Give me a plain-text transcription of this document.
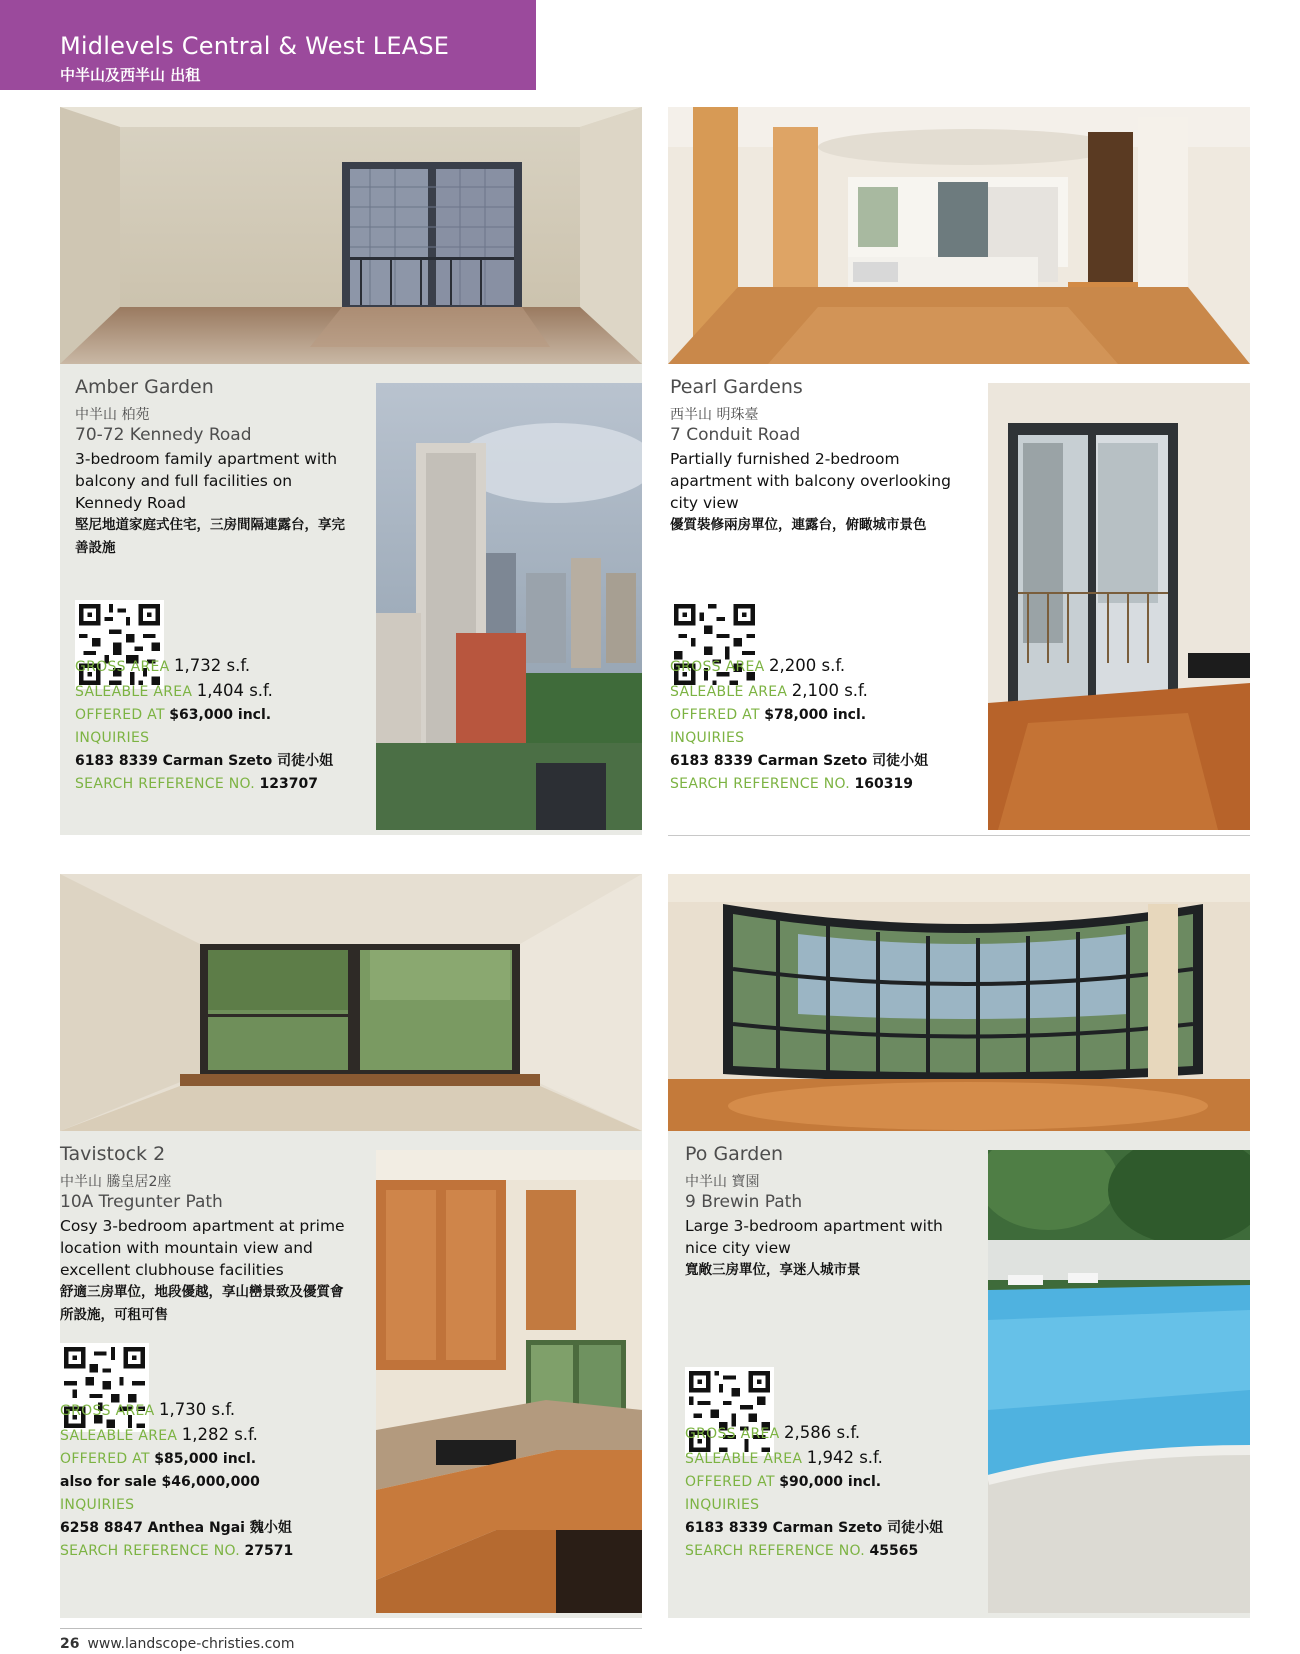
Midlevels Central & West LEASE
中半山及西半山 出租
Amber Garden
中半山 柏苑
70-72 Kennedy Road
3-bedroom family apartment with balcony and full facilities on Kennedy Road
堅尼地道家庭式住宅，三房間隔連露台，享完善設施
GROSS AREA 1,732 s.f.
SALEABLE AREA 1,404 s.f.
OFFERED AT $63,000 incl.
INQUIRIES
6183 8339 Carman Szeto 司徒小姐
SEARCH REFERENCE NO. 123707
Pearl Gardens
西半山 明珠臺
7 Conduit Road
Partially furnished 2-bedroom apartment with balcony overlooking city view
優質裝修兩房單位，連露台，俯瞰城市景色
GROSS AREA 2,200 s.f.
SALEABLE AREA 2,100 s.f.
OFFERED AT $78,000 incl.
INQUIRIES
6183 8339 Carman Szeto 司徒小姐
SEARCH REFERENCE NO. 160319
Tavistock 2
中半山 騰皇居2座
10A Tregunter Path
Cosy 3-bedroom apartment at prime location with mountain view and excellent clubhouse facilities
舒適三房單位，地段優越，享山巒景致及優質會所設施，可租可售
GROSS AREA 1,730 s.f.
SALEABLE AREA 1,282 s.f.
OFFERED AT $85,000 incl.
also for sale $46,000,000
INQUIRIES
6258 8847 Anthea Ngai 魏小姐
SEARCH REFERENCE NO. 27571
Po Garden
中半山 寶園
9 Brewin Path
Large 3-bedroom apartment with nice city view
寬敞三房單位，享迷人城市景
GROSS AREA 2,586 s.f.
SALEABLE AREA 1,942 s.f.
OFFERED AT $90,000 incl.
INQUIRIES
6183 8339 Carman Szeto 司徒小姐
SEARCH REFERENCE NO. 45565
26 www.landscope-christies.com
